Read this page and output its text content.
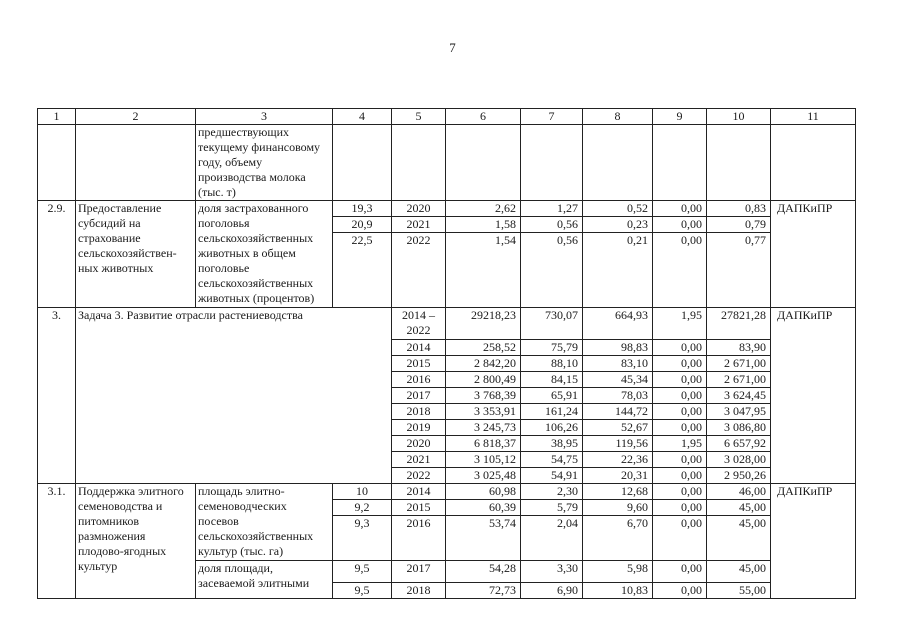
7
1	2	3	4	5	6	7	8	9	10	11
		предшествующих текущему финансовому году, объему производства молока (тыс. т)								
2.9.	Предоставление субсидий на страхование сельскохозяйствен-ных животных	доля застрахованного поголовья сельскохозяйственных животных в общем поголовье сельскохозяйственных животных (процентов)	19,3	2020	2,62	1,27	0,52	0,00	0,83	ДАПКиПР
			20,9	2021	1,58	0,56	0,23	0,00	0,79	
			22,5	2022	1,54	0,56	0,21	0,00	0,77	
3.	Задача 3. Развитие отрасли растениеводства			2014 – 2022	29218,23	730,07	664,93	1,95	27821,28	ДАПКиПР
				2014	258,52	75,79	98,83	0,00	83,90	
				2015	2 842,20	88,10	83,10	0,00	2 671,00	
				2016	2 800,49	84,15	45,34	0,00	2 671,00	
				2017	3 768,39	65,91	78,03	0,00	3 624,45	
				2018	3 353,91	161,24	144,72	0,00	3 047,95	
				2019	3 245,73	106,26	52,67	0,00	3 086,80	
				2020	6 818,37	38,95	119,56	1,95	6 657,92	
				2021	3 105,12	54,75	22,36	0,00	3 028,00	
				2022	3 025,48	54,91	20,31	0,00	2 950,26	
3.1.	Поддержка элитного семеноводства и питомников размножения плодово-ягодных культур	площадь элитно-семеноводческих посевов сельскохозяйственных культур (тыс. га)	10	2014	60,98	2,30	12,68	0,00	46,00	ДАПКиПР
			9,2	2015	60,39	5,79	9,60	0,00	45,00	
			9,3	2016	53,74	2,04	6,70	0,00	45,00	
		доля площади, засеваемой элитными	9,5	2017	54,28	3,30	5,98	0,00	45,00	
			9,5	2018	72,73	6,90	10,83	0,00	55,00	
